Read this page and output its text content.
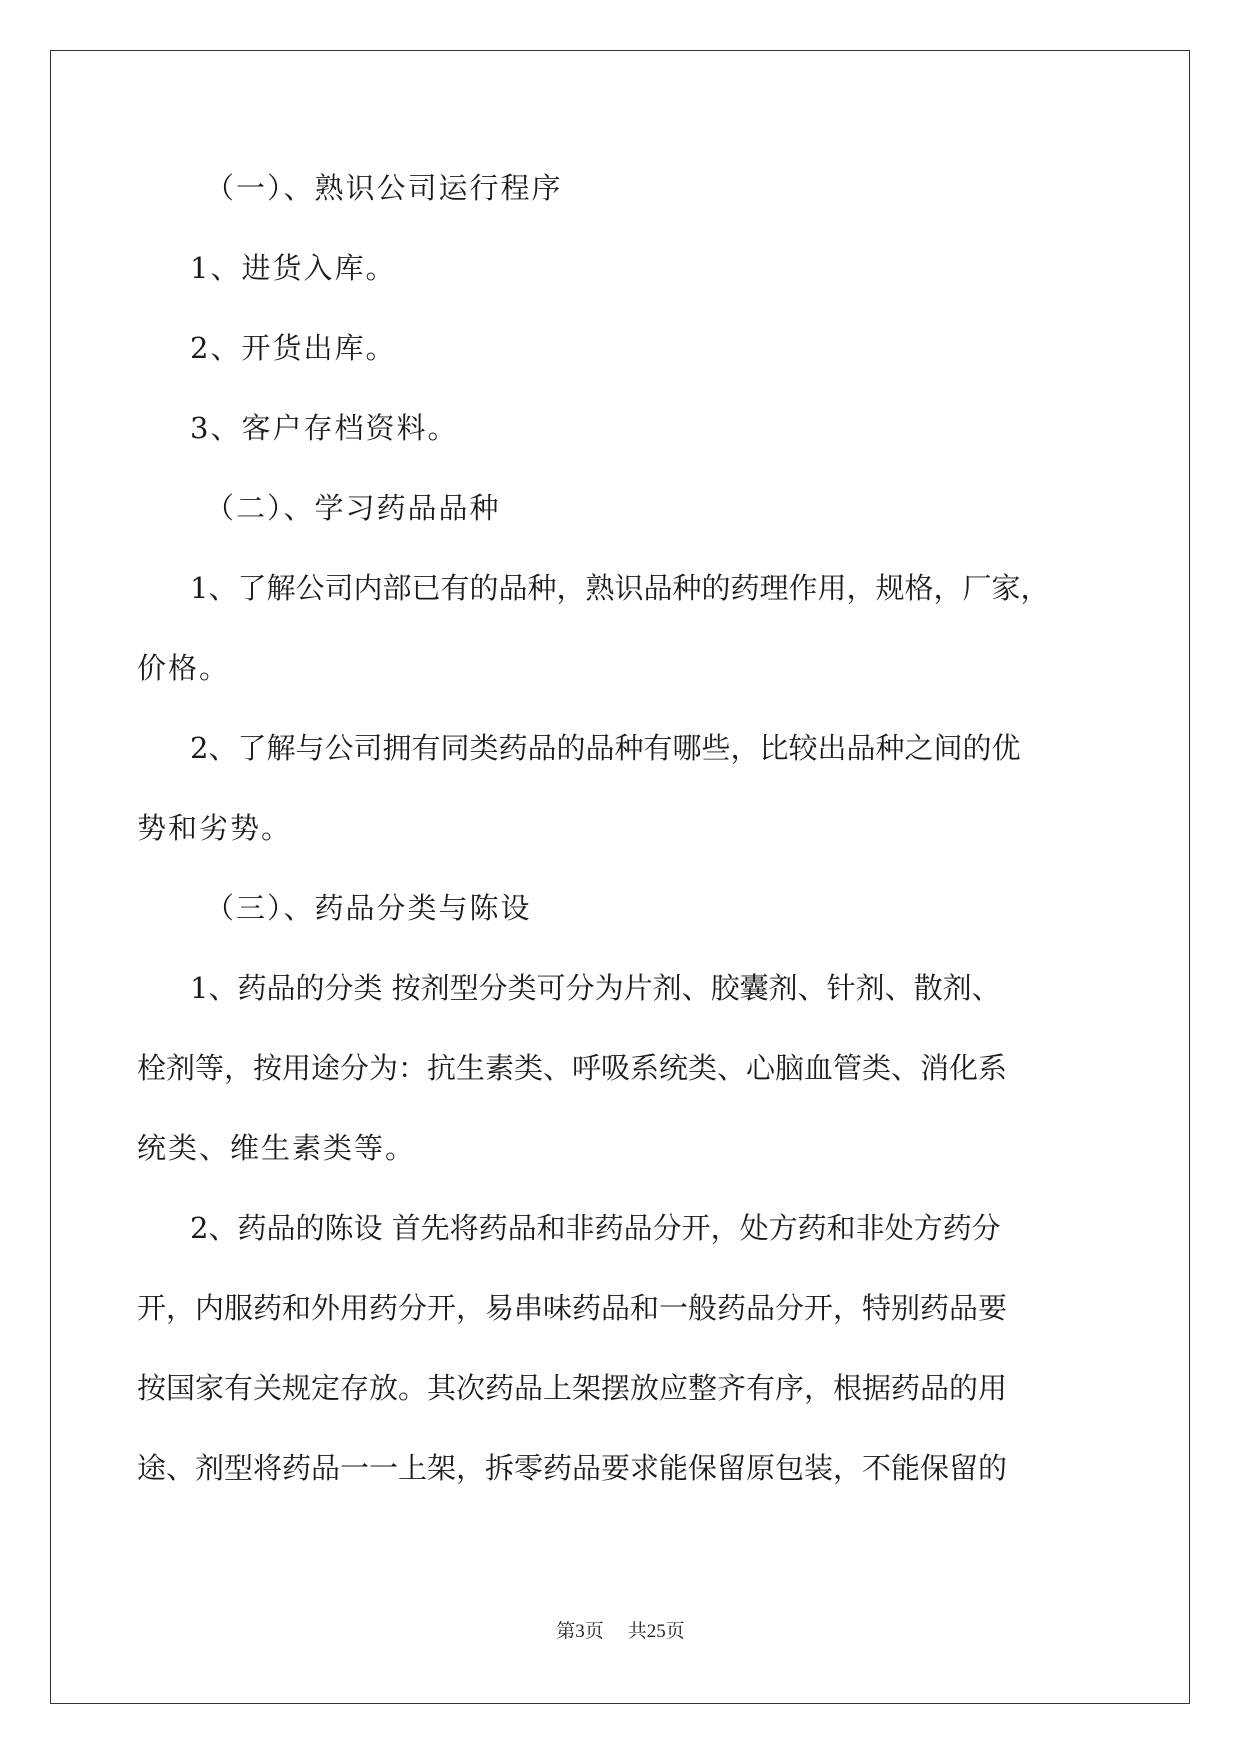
（一）、熟识公司运行程序

1、进货入库。

2、开货出库。

3、客户存档资料。

（二）、学习药品品种

1、了解公司内部已有的品种，熟识品种的药理作用，规格，厂家，

价格。

2、了解与公司拥有同类药品的品种有哪些，比较出品种之间的优

势和劣势。

（三）、药品分类与陈设

1、药品的分类 按剂型分类可分为片剂、胶囊剂、针剂、散剂、

栓剂等，按用途分为：抗生素类、呼吸系统类、心脑血管类、消化系

统类、维生素类等。

2、药品的陈设 首先将药品和非药品分开，处方药和非处方药分

开，内服药和外用药分开，易串味药品和一般药品分开，特别药品要

按国家有关规定存放。其次药品上架摆放应整齐有序，根据药品的用

途、剂型将药品一一上架，拆零药品要求能保留原包装，不能保留的

第3页 共25页
